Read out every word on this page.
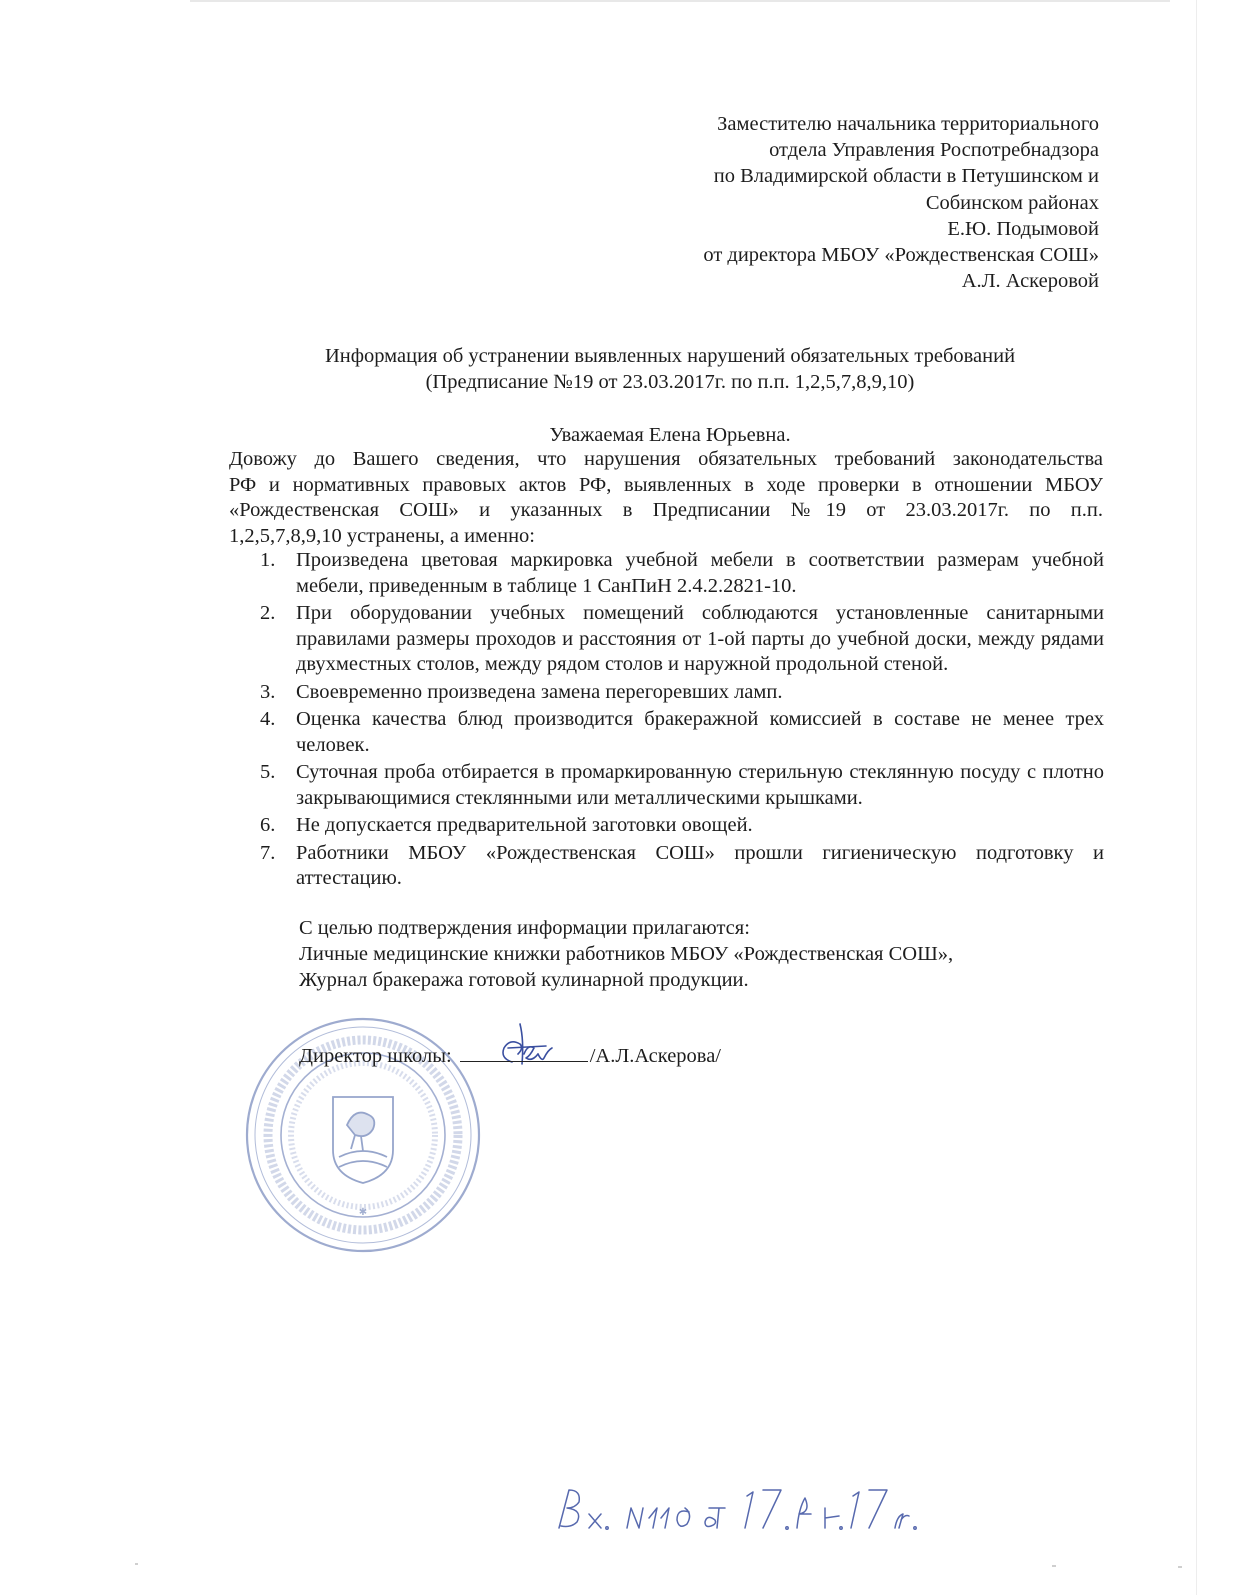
Заместителю начальника территориального
отдела Управления Роспотребнадзора
по Владимирской области в Петушинском и
Собинском районах
Е.Ю. Подымовой
от директора МБОУ «Рождественская СОШ»
А.Л. Аскеровой
Информация об устранении выявленных нарушений обязательных требований
(Предписание №19 от 23.03.2017г. по п.п. 1,2,5,7,8,9,10)
Уважаемая Елена Юрьевна.
Довожу до Вашего сведения, что нарушения обязательных требований законодательства
РФ и нормативных правовых актов РФ, выявленных в ходе проверки в отношении МБОУ
«Рождественская СОШ» и указанных в Предписании №19 от 23.03.2017г. по п.п.
1,2,5,7,8,9,10 устранены, а именно:
1. Произведена цветовая маркировка учебной мебели в соответствии размерам учебной мебели, приведенным в таблице 1 СанПиН 2.4.2.2821-10.
2. При оборудовании учебных помещений соблюдаются установленные санитарными правилами размеры проходов и расстояния от 1-ой парты до учебной доски, между рядами двухместных столов, между рядом столов и наружной продольной стеной.
3. Своевременно произведена замена перегоревших ламп.
4. Оценка качества блюд производится бракеражной комиссией в составе не менее трех человек.
5. Суточная проба отбирается в промаркированную стерильную стеклянную посуду с плотно закрывающимися стеклянными или металлическими крышками.
6. Не допускается предварительной заготовки овощей.
7. Работники МБОУ «Рождественская СОШ» прошли гигиеническую подготовку и аттестацию.
С целью подтверждения информации прилагаются:
Личные медицинские книжки работников МБОУ «Рождественская СОШ»,
Журнал бракеража готовой кулинарной продукции.
✱
Директор школы:	/А.Л.Аскерова/
